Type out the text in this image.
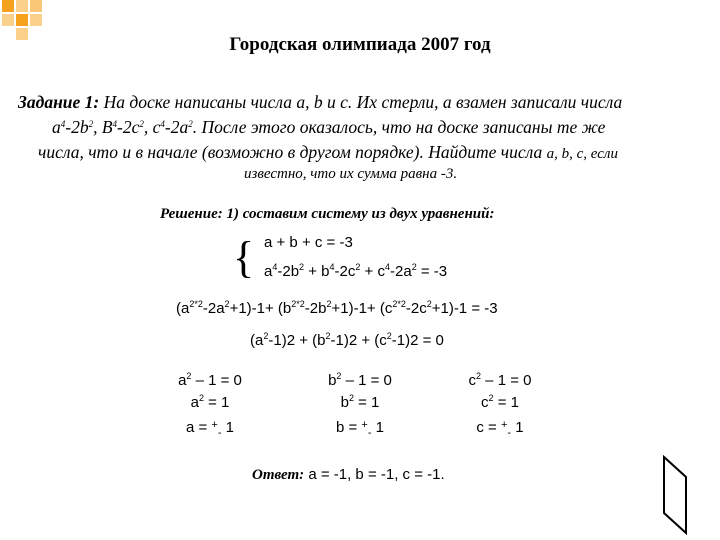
Городская олимпиада 2007 год
Задание 1: На доске написаны числа a, b и c. Их стерли, а взамен записали числа
$a^4-2b^2$, $В^4-2c^2$, $c^4-2a^2$. После этого оказалось, что на доске записаны те же
числа, что и в начале (возможно в другом порядке). Найдите числа a, b, c, если
известно, что их сумма равна -3.
Решение: 1) составим систему из двух уравнений:
{ a + b + c = -3
$a^4-2b^2 + b^4-2c^2 + c^4-2a^2 = -3$
$(a^{2*2}-2a^2+1)-1+ (b^{2*2}-2b^2+1)-1+ (c^{2*2}-2c^2+1)-1 = -3$
$(a^2-1)2 + (b^2-1)2 + (c^2-1)2 = 0$
$a^2 - 1 = 0$
$a^2 = 1$
a = +- 1
$b^2 - 1 = 0$
$b^2 = 1$
b = +- 1
$c^2 - 1 = 0$
$c^2 = 1$
c = +- 1
Ответ: a = -1, b = -1, c = -1.
